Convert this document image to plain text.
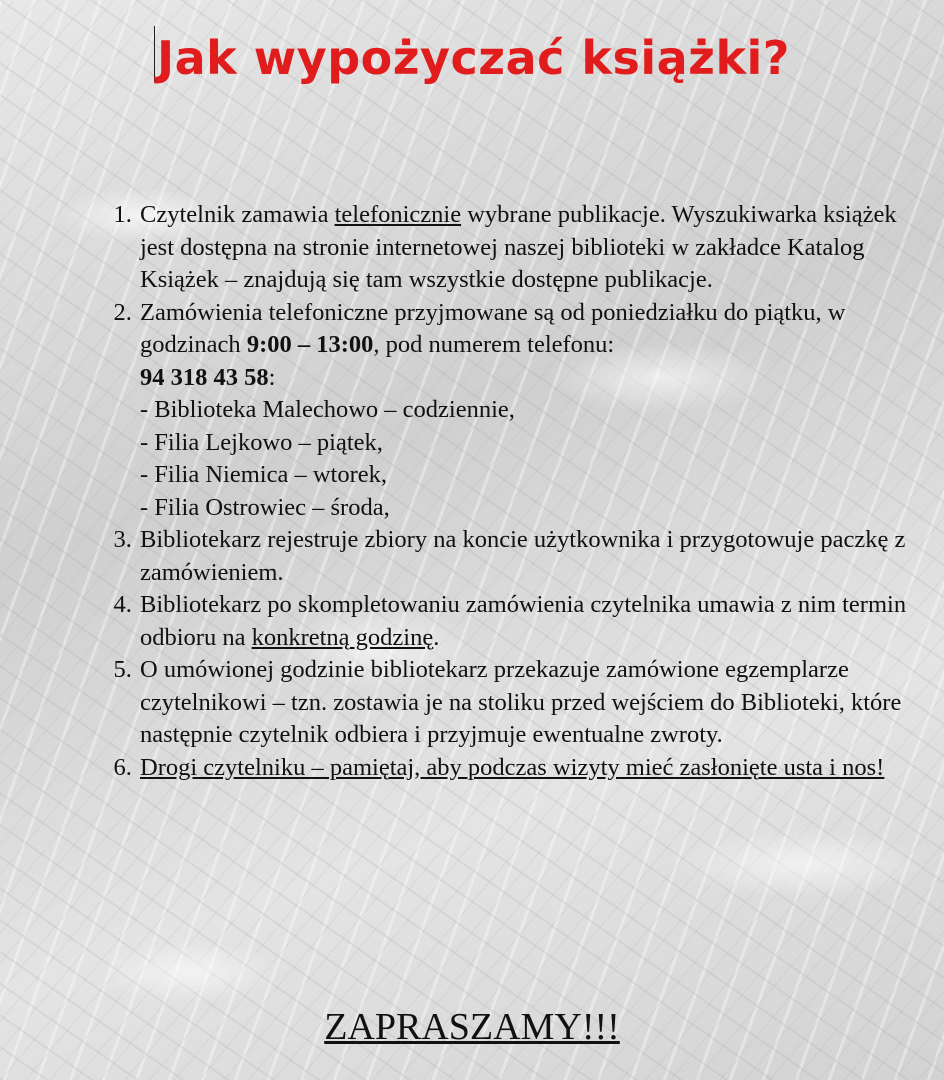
Jak wypożyczać książki?
1. Czytelnik zamawia telefonicznie wybrane publikacje. Wyszukiwarka książek jest dostępna na stronie internetowej naszej biblioteki w zakładce Katalog Książek – znajdują się tam wszystkie dostępne publikacje.
2. Zamówienia telefoniczne przyjmowane są od poniedziałku do piątku, w godzinach 9:00 – 13:00, pod numerem telefonu:
94 318 43 58:
- Biblioteka Malechowo – codziennie,
- Filia Lejkowo – piątek,
- Filia Niemica – wtorek,
- Filia Ostrowiec – środa,
3. Bibliotekarz rejestruje zbiory na koncie użytkownika i przygotowuje paczkę z zamówieniem.
4. Bibliotekarz po skompletowaniu zamówienia czytelnika umawia z nim termin odbioru na konkretną godzinę.
5. O umówionej godzinie bibliotekarz przekazuje zamówione egzemplarze czytelnikowi – tzn. zostawia je na stoliku przed wejściem do Biblioteki, które następnie czytelnik odbiera i przyjmuje ewentualne zwroty.
6. Drogi czytelniku – pamiętaj, aby podczas wizyty mieć zasłonięte usta i nos!
ZAPRASZAMY!!!
